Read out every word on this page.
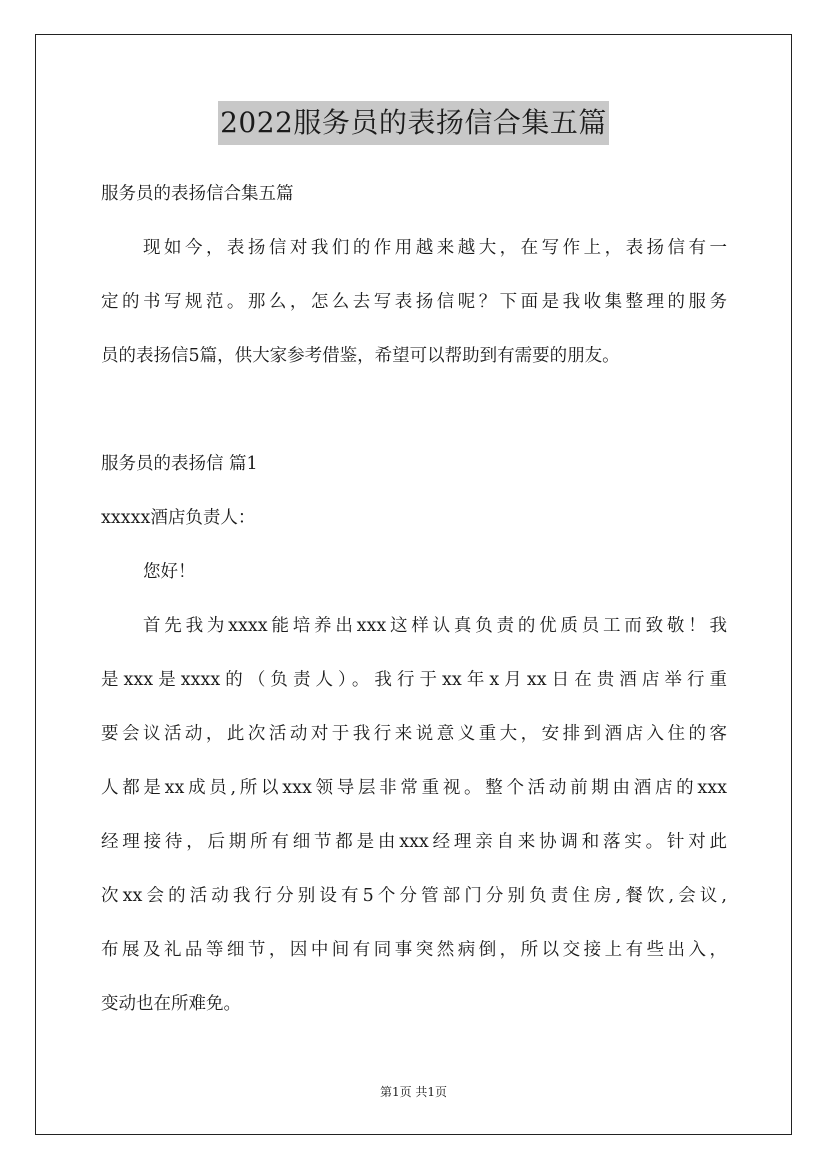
2022服务员的表扬信合集五篇
服务员的表扬信合集五篇
现如今，表扬信对我们的作用越来越大，在写作上，表扬信有一
定的书写规范。那么，怎么去写表扬信呢？下面是我收集整理的服务
员的表扬信5篇，供大家参考借鉴，希望可以帮助到有需要的朋友。
服务员的表扬信 篇1
xxxxx酒店负责人：
您好！
首先我为xxxx能培养出xxx这样认真负责的优质员工而致敬！我
是xxx是xxxx的（负责人）。我行于xx年x月xx日在贵酒店举行重
要会议活动，此次活动对于我行来说意义重大，安排到酒店入住的客
人都是xx成员,所以xxx领导层非常重视。整个活动前期由酒店的xxx
经理接待，后期所有细节都是由xxx经理亲自来协调和落实。针对此
次xx会的活动我行分别设有5个分管部门分别负责住房,餐饮,会议,
布展及礼品等细节，因中间有同事突然病倒，所以交接上有些出入，
变动也在所难免。
第1页 共1页
